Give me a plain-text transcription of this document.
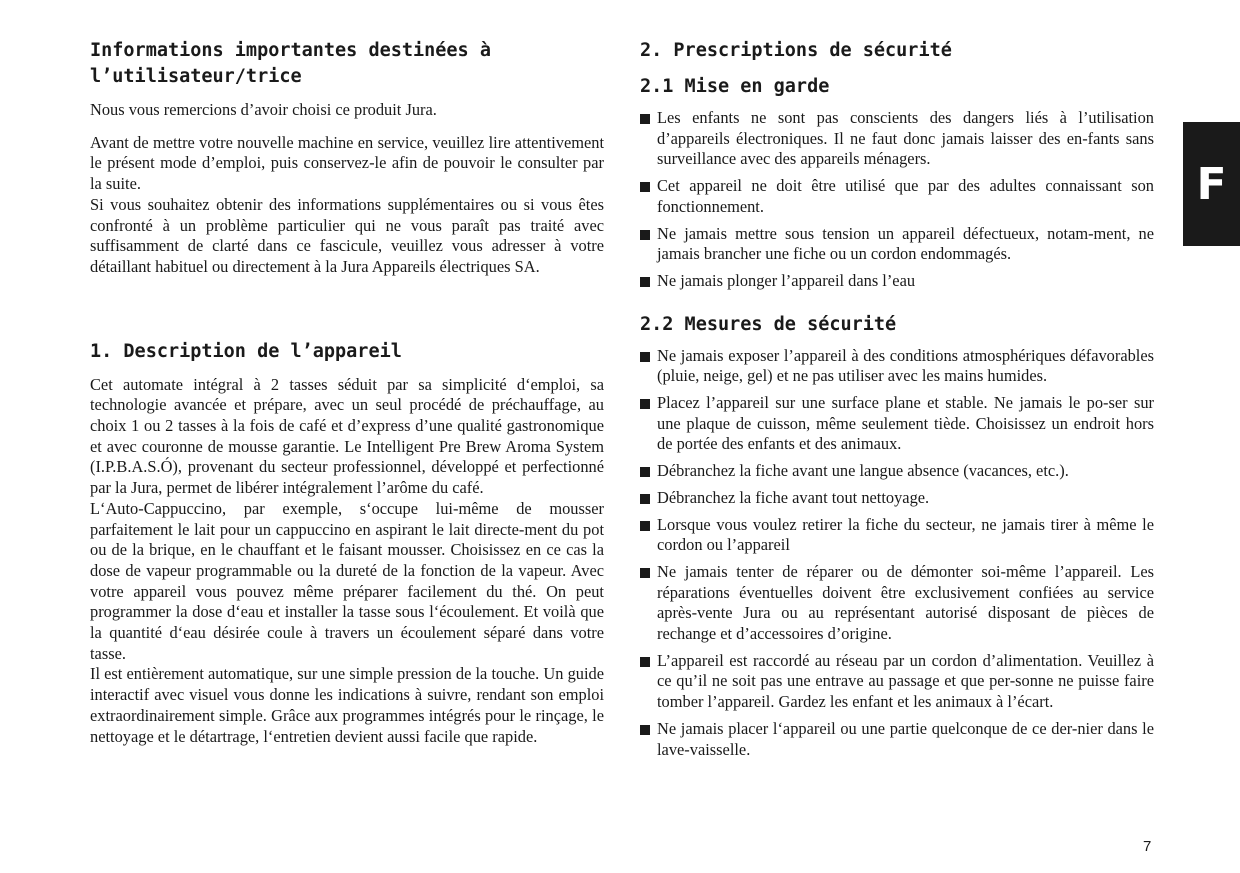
Informations importantes destinées à l’utilisateur/trice

Nous vous remercions d’avoir choisi ce produit Jura.

Avant de mettre votre nouvelle machine en service, veuillez lire attentivement le présent mode d’emploi, puis conservez-le afin de pouvoir le consulter par la suite.

Si vous souhaitez obtenir des informations supplémentaires ou si vous êtes confronté à un problème particulier qui ne vous paraît pas traité avec suffisamment de clarté dans ce fascicule, veuillez vous adresser à votre détaillant habituel ou directement à la Jura Appareils électriques SA.

1. Description de l’appareil

Cet automate intégral à 2 tasses séduit par sa simplicité d‘emploi, sa technologie avancée et prépare, avec un seul procédé de préchauffage, au choix 1 ou 2 tasses à la fois de café et d’express d’une qualité gastronomique et avec couronne de mousse garantie. Le Intelligent Pre Brew Aroma System (I.P.B.A.S.Ó), provenant du secteur professionnel, développé et perfectionné par la Jura, permet de libérer intégralement l’arôme du café.

L‘Auto-Cappuccino, par exemple, s‘occupe lui-même de mousser parfaitement le lait pour un cappuccino en aspirant le lait directe-ment du pot ou de la brique, en le chauffant et le faisant mousser. Choisissez en ce cas la dose de vapeur programmable ou la dureté de la fonction de la vapeur. Avec votre appareil vous pouvez même préparer facilement du thé. On peut programmer la dose d‘eau et installer la tasse sous l‘écoulement. Et voilà que la quantité d‘eau désirée coule à travers un écoulement séparé dans votre tasse.

Il est entièrement automatique, sur une simple pression de la touche. Un guide interactif avec visuel vous donne les indications à suivre, rendant son emploi extraordinairement simple. Grâce aux programmes intégrés pour le rinçage, le nettoyage et le détartrage, l‘entretien devient aussi facile que rapide.

2. Prescriptions de sécurité
2.1 Mise en garde
Les enfants ne sont pas conscients des dangers liés à l’utilisation d’appareils électroniques. Il ne faut donc jamais laisser des en-fants sans surveillance avec des appareils ménagers.
Cet appareil ne doit être utilisé que par des adultes connaissant son fonctionnement.
Ne jamais mettre sous tension un appareil défectueux, notam-ment, ne jamais brancher une fiche ou un cordon endommagés.
Ne jamais plonger l’appareil dans l’eau
2.2 Mesures de sécurité
Ne jamais exposer l’appareil à des conditions atmosphériques défavorables (pluie, neige, gel) et ne pas utiliser avec les mains humides.
Placez l’appareil sur une surface plane et stable. Ne jamais le po-ser sur une plaque de cuisson, même seulement tiède. Choisissez un endroit hors de portée des enfants et des animaux.
Débranchez la fiche avant une langue absence (vacances, etc.).
Débranchez la fiche avant tout nettoyage.
Lorsque vous voulez retirer la fiche du secteur, ne jamais tirer à même le cordon ou l’appareil
Ne jamais tenter de réparer ou de démonter soi-même l’appareil. Les réparations éventuelles doivent être exclusivement confiées au service après-vente Jura ou au représentant autorisé disposant de pièces de rechange et d’accessoires d’origine.
L’appareil est raccordé au réseau par un cordon d’alimentation. Veuillez à ce qu’il ne soit pas une entrave au passage et que per-sonne ne puisse faire tomber l’appareil. Gardez les enfant et les animaux à l’écart.
Ne jamais placer l‘appareil ou une partie quelconque de ce der-nier dans le lave-vaisselle.
F
7
